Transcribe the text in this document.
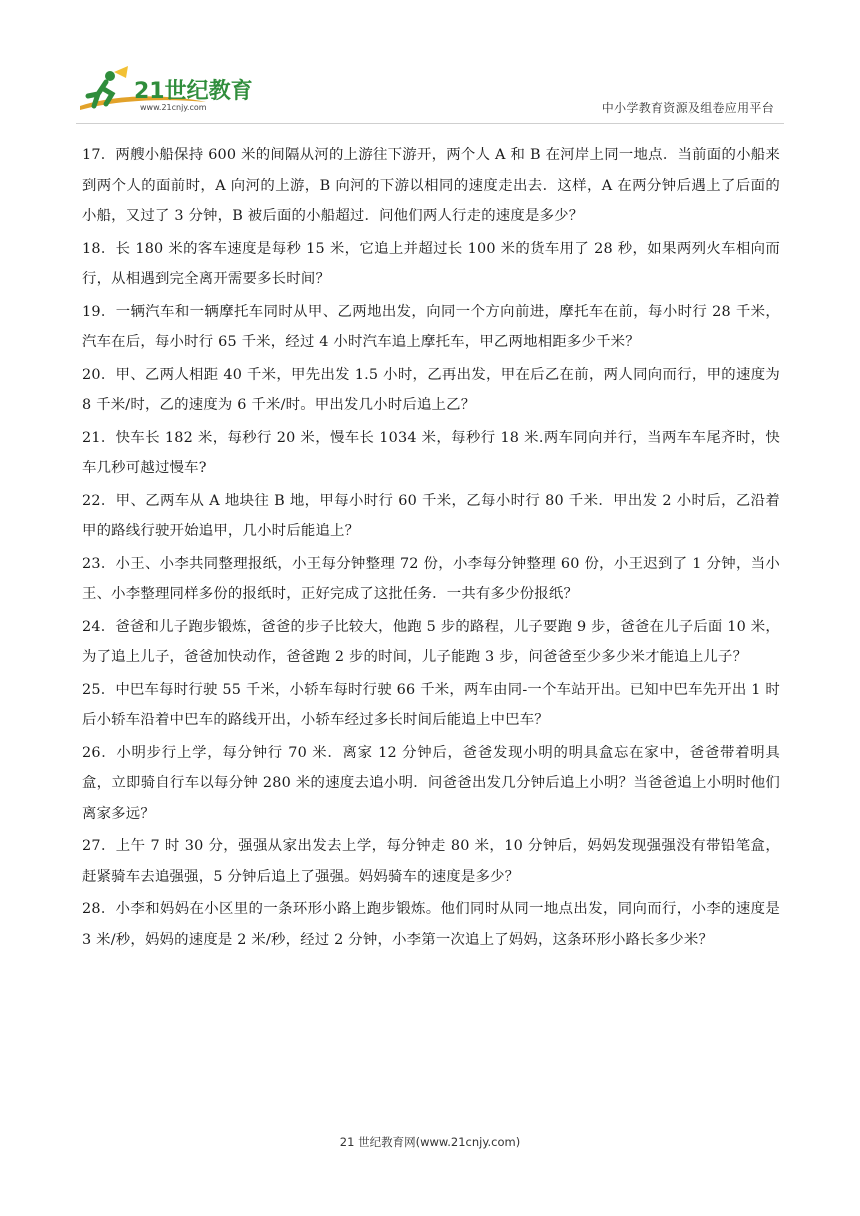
21世纪教育
www.21cnjy.com	中小学教育资源及组卷应用平台

17．两艘小船保持 600 米的间隔从河的上游往下游开，两个人 A 和 B 在河岸上同一地点．当前面的小船来到两个人的面前时，A 向河的上游，B 向河的下游以相同的速度走出去．这样，A 在两分钟后遇上了后面的小船，又过了 3 分钟，B 被后面的小船超过．问他们两人行走的速度是多少？

18．长 180 米的客车速度是每秒 15 米，它追上并超过长 100 米的货车用了 28 秒，如果两列火车相向而行，从相遇到完全离开需要多长时间？

19．一辆汽车和一辆摩托车同时从甲、乙两地出发，向同一个方向前进，摩托车在前，每小时行 28 千米，汽车在后，每小时行 65 千米，经过 4 小时汽车追上摩托车，甲乙两地相距多少千米？

20．甲、乙两人相距 40 千米，甲先出发 1.5 小时，乙再出发，甲在后乙在前，两人同向而行，甲的速度为 8 千米/时，乙的速度为 6 千米/时。甲出发几小时后追上乙？

21．快车长 182 米，每秒行 20 米，慢车长 1034 米，每秒行 18 米.两车同向并行，当两车车尾齐时，快车几秒可越过慢车?

22．甲、乙两车从 A 地块往 B 地，甲每小时行 60 千米，乙每小时行 80 千米．甲出发 2 小时后，乙沿着甲的路线行驶开始追甲，几小时后能追上？

23．小王、小李共同整理报纸，小王每分钟整理 72 份，小李每分钟整理 60 份，小王迟到了 1 分钟，当小王、小李整理同样多份的报纸时，正好完成了这批任务．一共有多少份报纸？

24．爸爸和儿子跑步锻炼，爸爸的步子比较大，他跑 5 步的路程，儿子要跑 9 步，爸爸在儿子后面 10 米，为了追上儿子，爸爸加快动作，爸爸跑 2 步的时间，儿子能跑 3 步，问爸爸至少多少米才能追上儿子？

25．中巴车每时行驶 55 千米，小轿车每时行驶 66 千米，两车由同-一个车站开出。已知中巴车先开出 1 时后小轿车沿着中巴车的路线开出，小轿车经过多长时间后能追上中巴车？

26．小明步行上学，每分钟行 70 米．离家 12 分钟后，爸爸发现小明的明具盒忘在家中，爸爸带着明具盒，立即骑自行车以每分钟 280 米的速度去追小明．问爸爸出发几分钟后追上小明？当爸爸追上小明时他们离家多远？

27．上午 7 时 30 分，强强从家出发去上学，每分钟走 80 米，10 分钟后，妈妈发现强强没有带铅笔盒，赶紧骑车去追强强，5 分钟后追上了强强。妈妈骑车的速度是多少？

28．小李和妈妈在小区里的一条环形小路上跑步锻炼。他们同时从同一地点出发，同向而行，小李的速度是 3 米/秒，妈妈的速度是 2 米/秒，经过 2 分钟，小李第一次追上了妈妈，这条环形小路长多少米？

21 世纪教育网(www.21cnjy.com)
